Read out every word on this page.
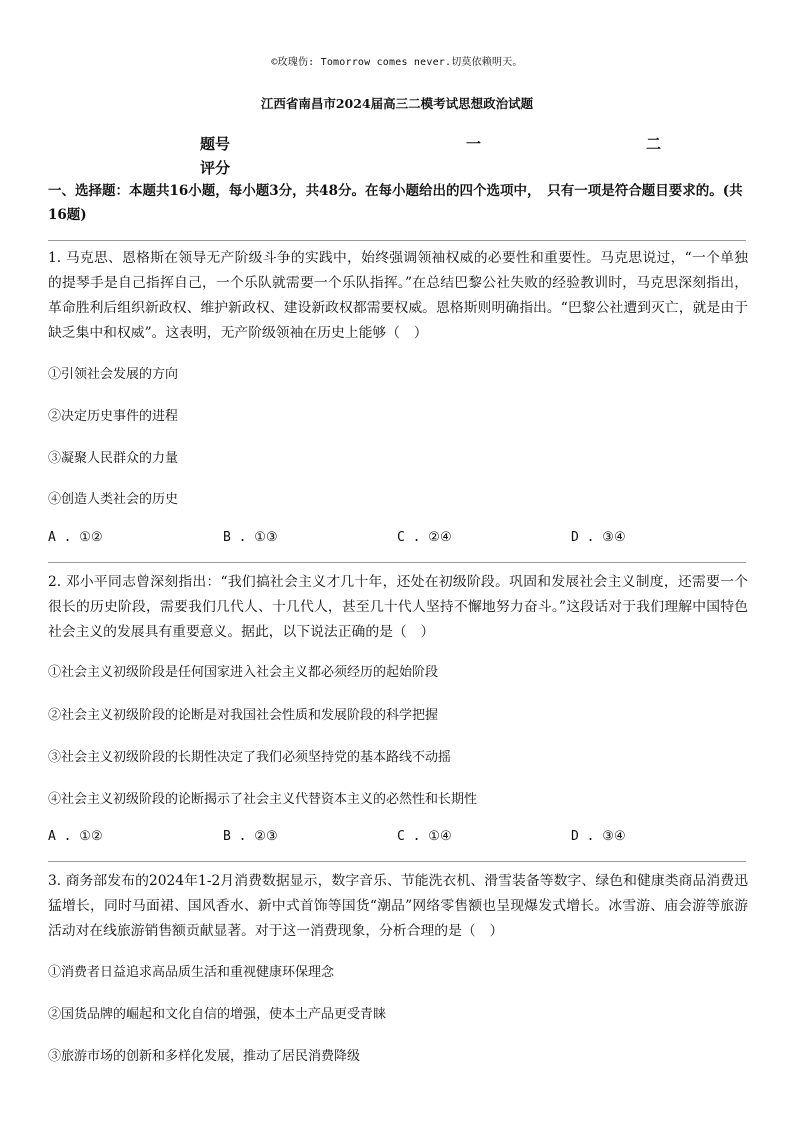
©玫瑰伤: Tomorrow comes never.切莫依赖明天。
江西省南昌市2024届高三二模考试思想政治试题
题号	一	二
评分
一、选择题：本题共16小题，每小题3分，共48分。在每小题给出的四个选项中，　只有一项是符合题目要求的。(共16题)

1. 马克思、恩格斯在领导无产阶级斗争的实践中，始终强调领袖权威的必要性和重要性。马克思说过，“一个单独的提琴手是自己指挥自己，一个乐队就需要一个乐队指挥。”在总结巴黎公社失败的经验教训时，马克思深刻指出，革命胜利后组织新政权、维护新政权、建设新政权都需要权威。恩格斯则明确指出。“巴黎公社遭到灭亡，就是由于缺乏集中和权威”。这表明，无产阶级领袖在历史上能够（　）

①引领社会发展的方向

②决定历史事件的进程

③凝聚人民群众的力量

④创造人类社会的历史

A . ①②	B . ①③	C . ②④	D . ③④

2. 邓小平同志曾深刻指出：“我们搞社会主义才几十年，还处在初级阶段。巩固和发展社会主义制度，还需要一个很长的历史阶段，需要我们几代人、十几代人，甚至几十代人坚持不懈地努力奋斗。”这段话对于我们理解中国特色社会主义的发展具有重要意义。据此，以下说法正确的是（　）

①社会主义初级阶段是任何国家进入社会主义都必须经历的起始阶段

②社会主义初级阶段的论断是对我国社会性质和发展阶段的科学把握

③社会主义初级阶段的长期性决定了我们必须坚持党的基本路线不动摇

④社会主义初级阶段的论断揭示了社会主义代替资本主义的必然性和长期性

A . ①②	B . ②③	C . ①④	D . ③④

3. 商务部发布的2024年1-2月消费数据显示，数字音乐、节能洗衣机、滑雪装备等数字、绿色和健康类商品消费迅猛增长，同时马面裙、国风香水、新中式首饰等国货“潮品”网络零售额也呈现爆发式增长。冰雪游、庙会游等旅游活动对在线旅游销售额贡献显著。对于这一消费现象，分析合理的是（　）

①消费者日益追求高品质生活和重视健康环保理念

②国货品牌的崛起和文化自信的增强，使本土产品更受青睐

③旅游市场的创新和多样化发展，推动了居民消费降级
